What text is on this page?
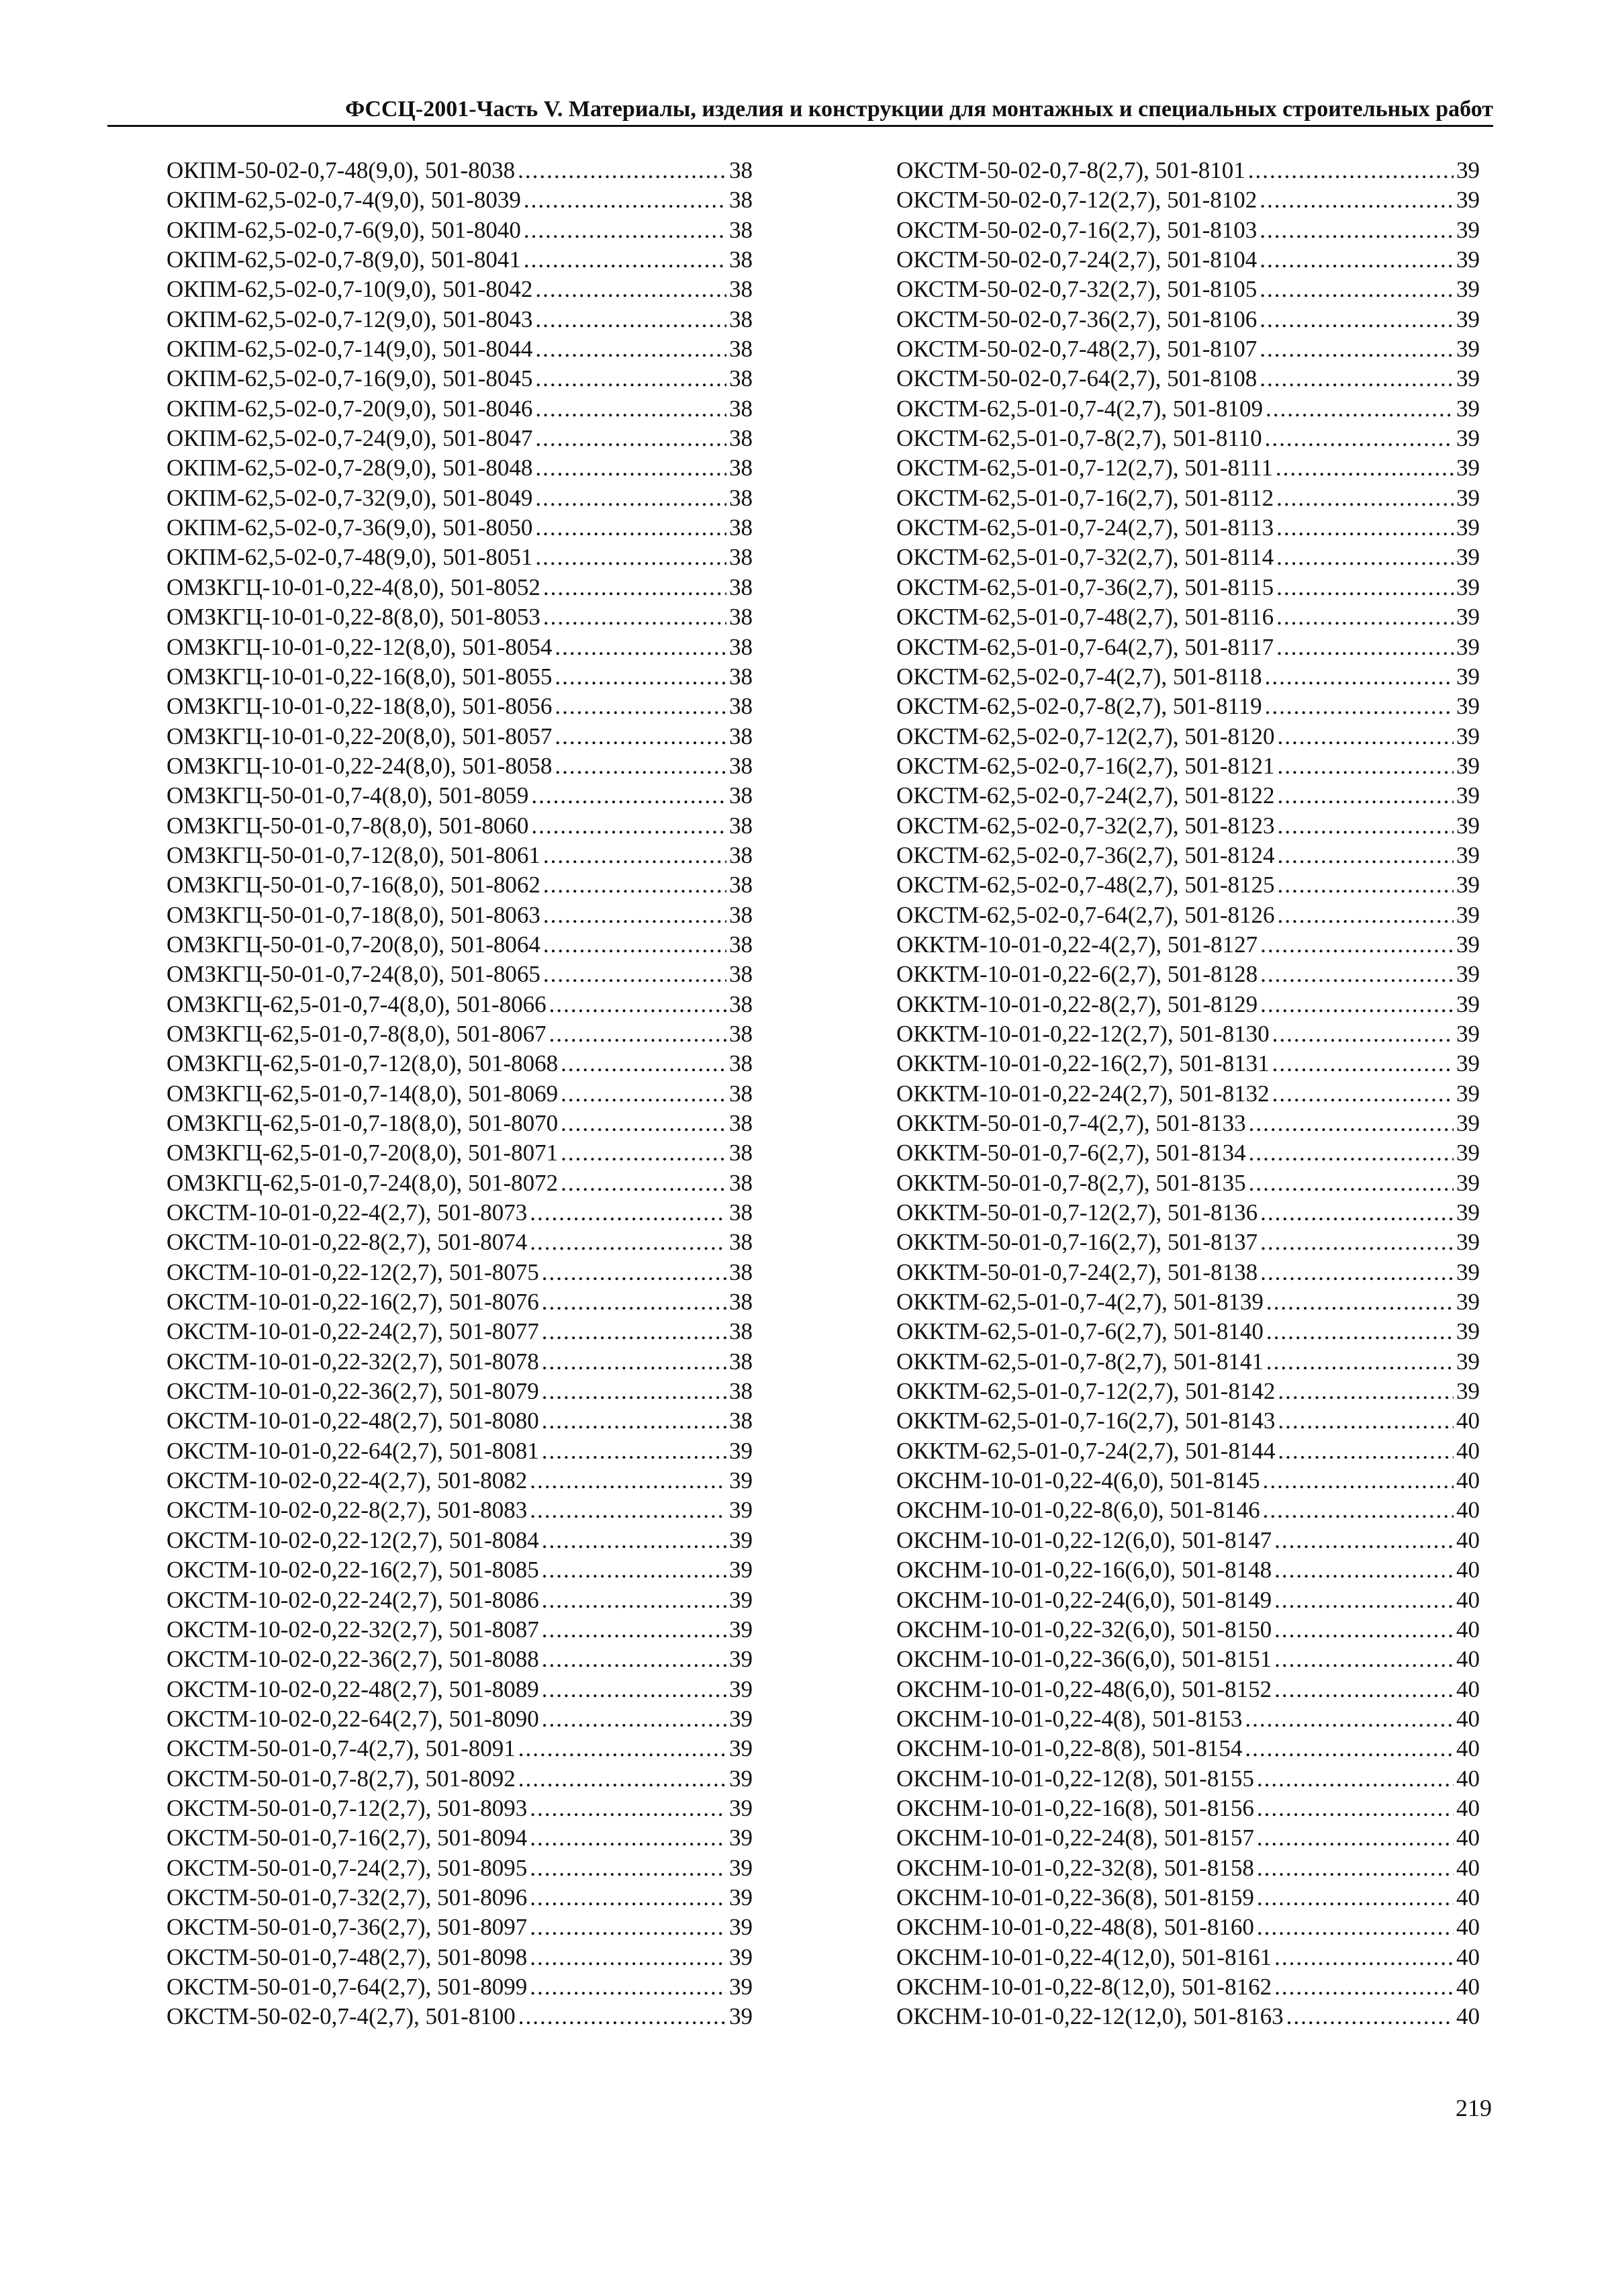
ФССЦ-2001-Часть V. Материалы, изделия и конструкции для монтажных и специальных строительных работ
ОКПМ-50-02-0,7-48(9,0), 501-8038 .....	38
ОКПМ-62,5-02-0,7-4(9,0), 501-8039 .....	38
ОКПМ-62,5-02-0,7-6(9,0), 501-8040 .....	38
ОКПМ-62,5-02-0,7-8(9,0), 501-8041 .....	38
ОКПМ-62,5-02-0,7-10(9,0), 501-8042 .....	38
ОКПМ-62,5-02-0,7-12(9,0), 501-8043 .....	38
ОКПМ-62,5-02-0,7-14(9,0), 501-8044 .....	38
ОКПМ-62,5-02-0,7-16(9,0), 501-8045 .....	38
ОКПМ-62,5-02-0,7-20(9,0), 501-8046 .....	38
ОКПМ-62,5-02-0,7-24(9,0), 501-8047 .....	38
ОКПМ-62,5-02-0,7-28(9,0), 501-8048 .....	38
ОКПМ-62,5-02-0,7-32(9,0), 501-8049 .....	38
ОКПМ-62,5-02-0,7-36(9,0), 501-8050 .....	38
ОКПМ-62,5-02-0,7-48(9,0), 501-8051 .....	38
ОМЗКГЦ-10-01-0,22-4(8,0), 501-8052 .....	38
ОМЗКГЦ-10-01-0,22-8(8,0), 501-8053 .....	38
ОМЗКГЦ-10-01-0,22-12(8,0), 501-8054 .....	38
ОМЗКГЦ-10-01-0,22-16(8,0), 501-8055 .....	38
ОМЗКГЦ-10-01-0,22-18(8,0), 501-8056 .....	38
ОМЗКГЦ-10-01-0,22-20(8,0), 501-8057 .....	38
ОМЗКГЦ-10-01-0,22-24(8,0), 501-8058 .....	38
ОМЗКГЦ-50-01-0,7-4(8,0), 501-8059 .....	38
ОМЗКГЦ-50-01-0,7-8(8,0), 501-8060 .....	38
ОМЗКГЦ-50-01-0,7-12(8,0), 501-8061 .....	38
ОМЗКГЦ-50-01-0,7-16(8,0), 501-8062 .....	38
ОМЗКГЦ-50-01-0,7-18(8,0), 501-8063 .....	38
ОМЗКГЦ-50-01-0,7-20(8,0), 501-8064 .....	38
ОМЗКГЦ-50-01-0,7-24(8,0), 501-8065 .....	38
ОМЗКГЦ-62,5-01-0,7-4(8,0), 501-8066 .....	38
ОМЗКГЦ-62,5-01-0,7-8(8,0), 501-8067 .....	38
ОМЗКГЦ-62,5-01-0,7-12(8,0), 501-8068 .....	38
ОМЗКГЦ-62,5-01-0,7-14(8,0), 501-8069 .....	38
ОМЗКГЦ-62,5-01-0,7-18(8,0), 501-8070 .....	38
ОМЗКГЦ-62,5-01-0,7-20(8,0), 501-8071 .....	38
ОМЗКГЦ-62,5-01-0,7-24(8,0), 501-8072 .....	38
ОКСТМ-10-01-0,22-4(2,7), 501-8073 .....	38
ОКСТМ-10-01-0,22-8(2,7), 501-8074 .....	38
ОКСТМ-10-01-0,22-12(2,7), 501-8075 .....	38
ОКСТМ-10-01-0,22-16(2,7), 501-8076 .....	38
ОКСТМ-10-01-0,22-24(2,7), 501-8077 .....	38
ОКСТМ-10-01-0,22-32(2,7), 501-8078 .....	38
ОКСТМ-10-01-0,22-36(2,7), 501-8079 .....	38
ОКСТМ-10-01-0,22-48(2,7), 501-8080 .....	38
ОКСТМ-10-01-0,22-64(2,7), 501-8081 .....	39
ОКСТМ-10-02-0,22-4(2,7), 501-8082 .....	39
ОКСТМ-10-02-0,22-8(2,7), 501-8083 .....	39
ОКСТМ-10-02-0,22-12(2,7), 501-8084 .....	39
ОКСТМ-10-02-0,22-16(2,7), 501-8085 .....	39
ОКСТМ-10-02-0,22-24(2,7), 501-8086 .....	39
ОКСТМ-10-02-0,22-32(2,7), 501-8087 .....	39
ОКСТМ-10-02-0,22-36(2,7), 501-8088 .....	39
ОКСТМ-10-02-0,22-48(2,7), 501-8089 .....	39
ОКСТМ-10-02-0,22-64(2,7), 501-8090 .....	39
ОКСТМ-50-01-0,7-4(2,7), 501-8091 .....	39
ОКСТМ-50-01-0,7-8(2,7), 501-8092 .....	39
ОКСТМ-50-01-0,7-12(2,7), 501-8093 .....	39
ОКСТМ-50-01-0,7-16(2,7), 501-8094 .....	39
ОКСТМ-50-01-0,7-24(2,7), 501-8095 .....	39
ОКСТМ-50-01-0,7-32(2,7), 501-8096 .....	39
ОКСТМ-50-01-0,7-36(2,7), 501-8097 .....	39
ОКСТМ-50-01-0,7-48(2,7), 501-8098 .....	39
ОКСТМ-50-01-0,7-64(2,7), 501-8099 .....	39
ОКСТМ-50-02-0,7-4(2,7), 501-8100 .....	39
ОКСТМ-50-02-0,7-8(2,7), 501-8101 .....	39
ОКСТМ-50-02-0,7-12(2,7), 501-8102 .....	39
ОКСТМ-50-02-0,7-16(2,7), 501-8103 .....	39
ОКСТМ-50-02-0,7-24(2,7), 501-8104 .....	39
ОКСТМ-50-02-0,7-32(2,7), 501-8105 .....	39
ОКСТМ-50-02-0,7-36(2,7), 501-8106 .....	39
ОКСТМ-50-02-0,7-48(2,7), 501-8107 .....	39
ОКСТМ-50-02-0,7-64(2,7), 501-8108 .....	39
ОКСТМ-62,5-01-0,7-4(2,7), 501-8109 .....	39
ОКСТМ-62,5-01-0,7-8(2,7), 501-8110 .....	39
ОКСТМ-62,5-01-0,7-12(2,7), 501-8111 .....	39
ОКСТМ-62,5-01-0,7-16(2,7), 501-8112 .....	39
ОКСТМ-62,5-01-0,7-24(2,7), 501-8113 .....	39
ОКСТМ-62,5-01-0,7-32(2,7), 501-8114 .....	39
ОКСТМ-62,5-01-0,7-36(2,7), 501-8115 .....	39
ОКСТМ-62,5-01-0,7-48(2,7), 501-8116 .....	39
ОКСТМ-62,5-01-0,7-64(2,7), 501-8117 .....	39
ОКСТМ-62,5-02-0,7-4(2,7), 501-8118 .....	39
ОКСТМ-62,5-02-0,7-8(2,7), 501-8119 .....	39
ОКСТМ-62,5-02-0,7-12(2,7), 501-8120 .....	39
ОКСТМ-62,5-02-0,7-16(2,7), 501-8121 .....	39
ОКСТМ-62,5-02-0,7-24(2,7), 501-8122 .....	39
ОКСТМ-62,5-02-0,7-32(2,7), 501-8123 .....	39
ОКСТМ-62,5-02-0,7-36(2,7), 501-8124 .....	39
ОКСТМ-62,5-02-0,7-48(2,7), 501-8125 .....	39
ОКСТМ-62,5-02-0,7-64(2,7), 501-8126 .....	39
ОККТМ-10-01-0,22-4(2,7), 501-8127 .....	39
ОККТМ-10-01-0,22-6(2,7), 501-8128 .....	39
ОККТМ-10-01-0,22-8(2,7), 501-8129 .....	39
ОККТМ-10-01-0,22-12(2,7), 501-8130 .....	39
ОККТМ-10-01-0,22-16(2,7), 501-8131 .....	39
ОККТМ-10-01-0,22-24(2,7), 501-8132 .....	39
ОККТМ-50-01-0,7-4(2,7), 501-8133 .....	39
ОККТМ-50-01-0,7-6(2,7), 501-8134 .....	39
ОККТМ-50-01-0,7-8(2,7), 501-8135 .....	39
ОККТМ-50-01-0,7-12(2,7), 501-8136 .....	39
ОККТМ-50-01-0,7-16(2,7), 501-8137 .....	39
ОККТМ-50-01-0,7-24(2,7), 501-8138 .....	39
ОККТМ-62,5-01-0,7-4(2,7), 501-8139 .....	39
ОККТМ-62,5-01-0,7-6(2,7), 501-8140 .....	39
ОККТМ-62,5-01-0,7-8(2,7), 501-8141 .....	39
ОККТМ-62,5-01-0,7-12(2,7), 501-8142 .....	39
ОККТМ-62,5-01-0,7-16(2,7), 501-8143 .....	40
ОККТМ-62,5-01-0,7-24(2,7), 501-8144 .....	40
ОКСНМ-10-01-0,22-4(6,0), 501-8145 .....	40
ОКСНМ-10-01-0,22-8(6,0), 501-8146 .....	40
ОКСНМ-10-01-0,22-12(6,0), 501-8147 .....	40
ОКСНМ-10-01-0,22-16(6,0), 501-8148 .....	40
ОКСНМ-10-01-0,22-24(6,0), 501-8149 .....	40
ОКСНМ-10-01-0,22-32(6,0), 501-8150 .....	40
ОКСНМ-10-01-0,22-36(6,0), 501-8151 .....	40
ОКСНМ-10-01-0,22-48(6,0), 501-8152 .....	40
ОКСНМ-10-01-0,22-4(8), 501-8153 .....	40
ОКСНМ-10-01-0,22-8(8), 501-8154 .....	40
ОКСНМ-10-01-0,22-12(8), 501-8155 .....	40
ОКСНМ-10-01-0,22-16(8), 501-8156 .....	40
ОКСНМ-10-01-0,22-24(8), 501-8157 .....	40
ОКСНМ-10-01-0,22-32(8), 501-8158 .....	40
ОКСНМ-10-01-0,22-36(8), 501-8159 .....	40
ОКСНМ-10-01-0,22-48(8), 501-8160 .....	40
ОКСНМ-10-01-0,22-4(12,0), 501-8161 .....	40
ОКСНМ-10-01-0,22-8(12,0), 501-8162 .....	40
ОКСНМ-10-01-0,22-12(12,0), 501-8163 .....	40
219
